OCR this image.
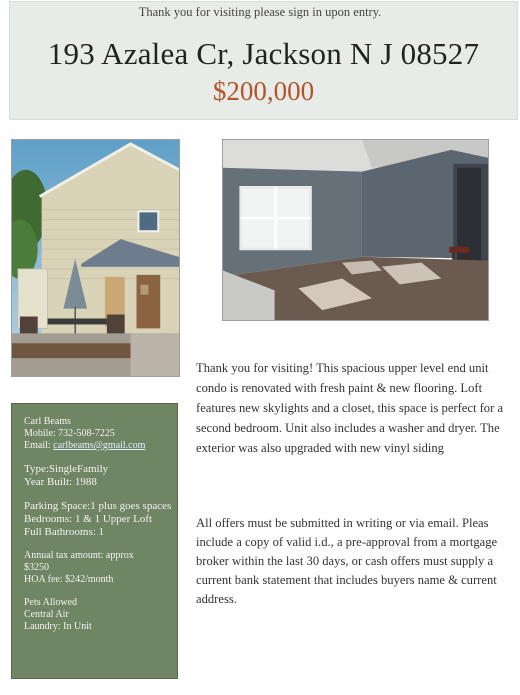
193 Azalea Cr, Jackson N J 08527
$200,000
Thank you for visiting please sign in upon entry.
Thank you for visiting! This spacious upper level end unit condo is renovated with fresh paint & new flooring. Loft features new skylights and a closet, this space is perfect for a second bedroom. Unit also includes a washer and dryer. The exterior was also upgraded with new vinyl siding
All offers must be submitted in writing or via email. Pleas include a copy of valid i.d., a pre-approval from a mortgage broker within the last 30 days, or cash offers must supply a current bank statement that includes buyers name & current address.
Carl Beams
Mobile: 732-508-7225
Email: carlbeams@gmail.com
Type:SingleFamily
Year Built: 1988
Parking Space:1 plus goes spaces
Bedrooms: 1 & 1 Upper Loft
Full Bathrooms: 1
Annual tax amount: approx $3250
HOA fee: $242/month
Pets Allowed
Central Air
Laundry: In Unit
